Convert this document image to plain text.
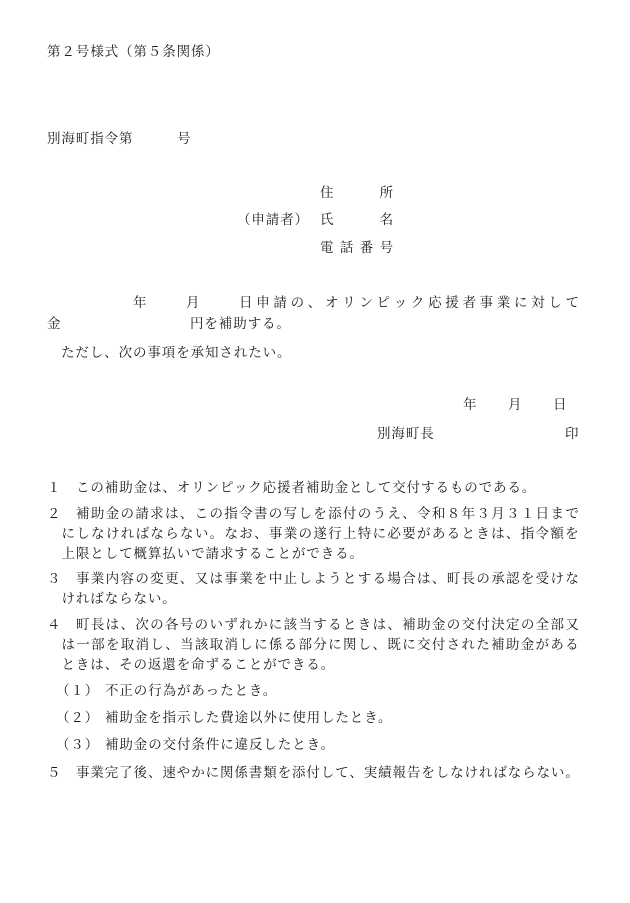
第２号様式（第５条関係）
別海町指令第	号
住	所
（申請者） 氏	名
電 話 番 号
年	月	日 申 請 の 、 オ リ ン ピ ッ ク 応 援 者 事 業 に 対 し て
金	円を補助する。
ただし、次の事項を承知されたい。
年 月 日
別海町長	印
１ この補助金は、オリンピック応援者補助金として交付するものである。
２ 補 助 金 の 請 求 は 、 こ の 指 令 書 の 写 し を 添 付 の う え 、 令 和 ８ 年 ３ 月 ３ １ 日 ま で
に し な け れ ば な ら な い 。 な お 、 事 業 の 遂 行 上 特 に 必 要 が あ る と き は 、 指 令 額 を
上限として概算払いで請求することができる。
３ 事 業 内 容 の 変 更 、 又 は 事 業 を 中 止 し よ う と す る 場 合 は 、 町 長 の 承 認 を 受 け な
ければならない。
４ 町 長 は 、 次 の 各 号 の い ず れ か に 該 当 す る と き は 、 補 助 金 の 交 付 決 定 の 全 部 又
は 一 部 を 取 消 し 、 当 該 取 消 し に 係 る 部 分 に 関 し 、 既 に 交 付 さ れ た 補 助 金 が あ る
ときは、その返還を命ずることができる。
（１） 不正の行為があったとき。
（２） 補助金を指示した費途以外に使用したとき。
（３） 補助金の交付条件に違反したとき。
５ 事業完了後、速やかに関係書類を添付して、実績報告をしなければならない。
